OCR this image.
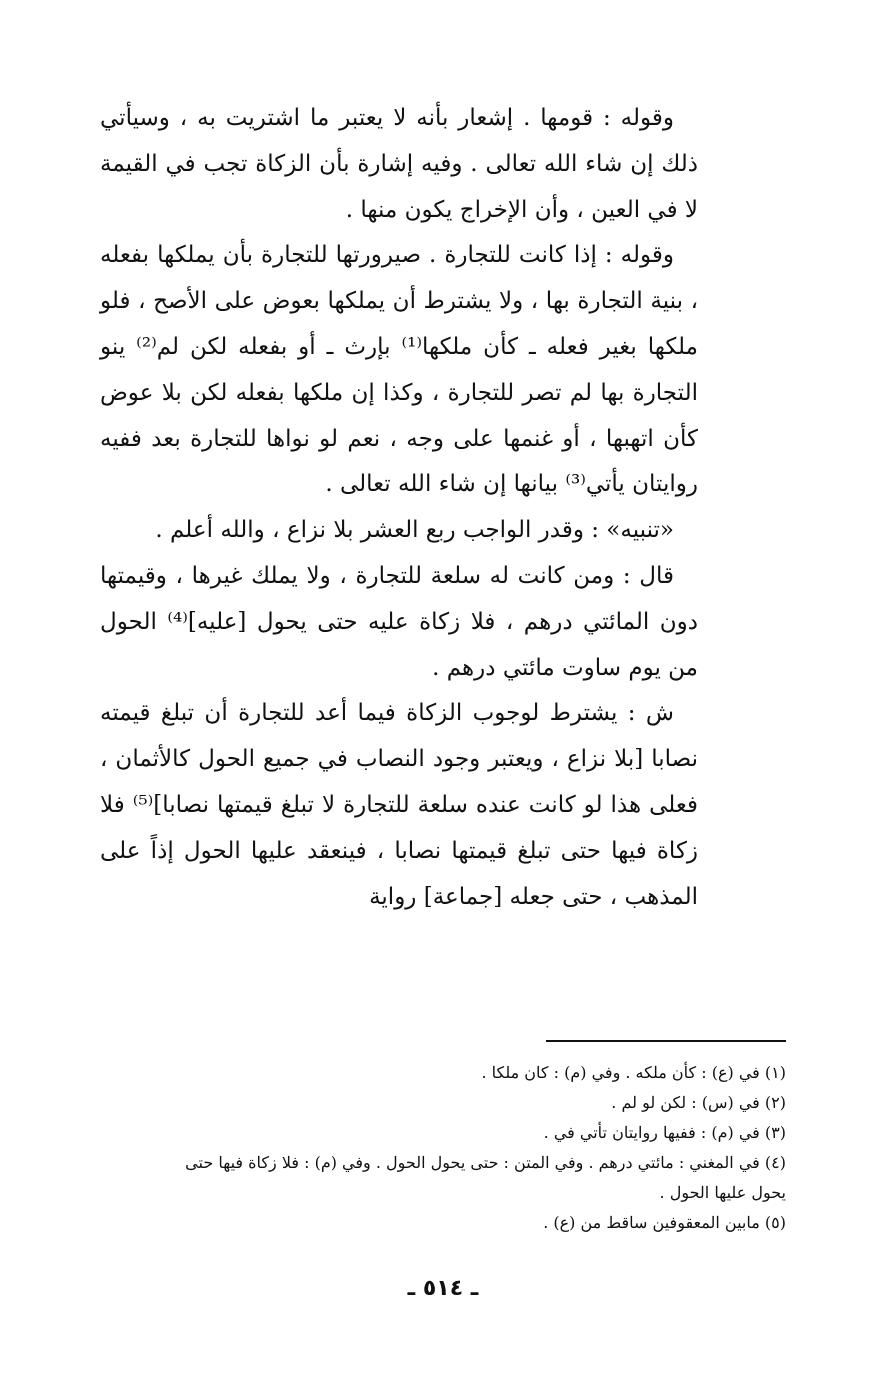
وقوله : قومها . إشعار بأنه لا يعتبر ما اشتريت به ، وسيأتي ذلك إن شاء الله تعالى . وفيه إشارة بأن الزكاة تجب في القيمة لا في العين ، وأن الإخراج يكون منها .

وقوله : إذا كانت للتجارة . صيرورتها للتجارة بأن يملكها بفعله ، بنية التجارة بها ، ولا يشترط أن يملكها بعوض على الأصح ، فلو ملكها بغير فعله ـ كأن ملكها⁽¹⁾ بإرث ـ أو بفعله لكن لم⁽²⁾ ينو التجارة بها لم تصر للتجارة ، وكذا إن ملكها بفعله لكن بلا عوض كأن اتهبها ، أو غنمها على وجه ، نعم لو نواها للتجارة بعد ففيه روايتان يأتي⁽³⁾ بيانها إن شاء الله تعالى .

«تنبيه» : وقدر الواجب ربع العشر بلا نزاع ، والله أعلم .

قال : ومن كانت له سلعة للتجارة ، ولا يملك غيرها ، وقيمتها دون المائتي درهم ، فلا زكاة عليه حتى يحول [عليه]⁽⁴⁾ الحول من يوم ساوت مائتي درهم .

ش : يشترط لوجوب الزكاة فيما أعد للتجارة أن تبلغ قيمته نصابا [بلا نزاع ، ويعتبر وجود النصاب في جميع الحول كالأثمان ، فعلى هذا لو كانت عنده سلعة للتجارة لا تبلغ قيمتها نصابا]⁽⁵⁾ فلا زكاة فيها حتى تبلغ قيمتها نصابا ، فينعقد عليها الحول إذاً على المذهب ، حتى جعله [جماعة] رواية

(١) في (ع) : كأن ملكه . وفي (م) : كان ملكا .
(٢) في (س) : لكن لو لم .
(٣) في (م) : ففيها روايتان تأتي في .
(٤) في المغني : مائتي درهم . وفي المتن : حتى يحول الحول . وفي (م) : فلا زكاة فيها حتى
يحول عليها الحول .
(٥) مابين المعقوفين ساقط من (ع) .
ـ ٥١٤ ـ
